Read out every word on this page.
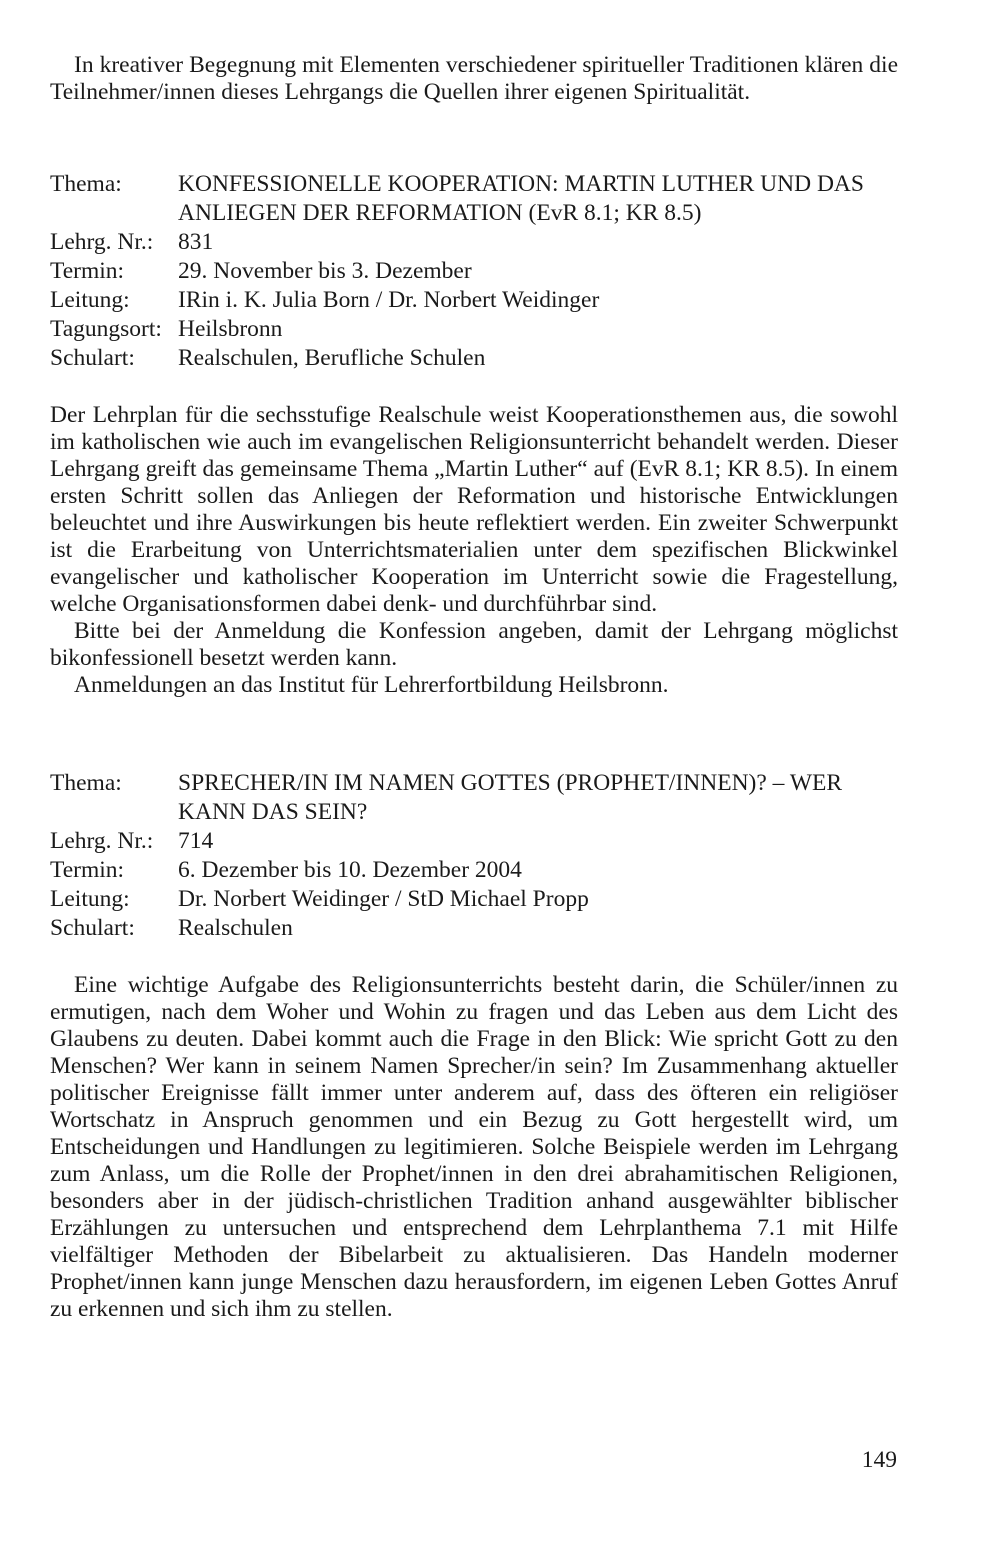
In kreativer Begegnung mit Elementen verschiedener spiritueller Traditionen klären die Teilnehmer/innen dieses Lehrgangs die Quellen ihrer eigenen Spiritualität.

Thema:	KONFESSIONELLE KOOPERATION: MARTIN LUTHER UND DAS ANLIEGEN DER REFORMATION (EvR 8.1; KR 8.5)
Lehrg. Nr.:	831
Termin:	29. November bis 3. Dezember
Leitung:	IRin i. K. Julia Born / Dr. Norbert Weidinger
Tagungsort: Heilsbronn
Schulart:	Realschulen, Berufliche Schulen

Der Lehrplan für die sechsstufige Realschule weist Kooperationsthemen aus, die sowohl im katholischen wie auch im evangelischen Religionsunterricht behandelt werden. Dieser Lehrgang greift das gemeinsame Thema „Martin Luther“ auf (EvR 8.1; KR 8.5). In einem ersten Schritt sollen das Anliegen der Reformation und historische Entwicklungen beleuchtet und ihre Auswirkungen bis heute reflektiert werden. Ein zweiter Schwerpunkt ist die Erarbeitung von Unterrichtsmaterialien unter dem spezifischen Blickwinkel evangelischer und katholischer Kooperation im Unterricht sowie die Fragestellung, welche Organisationsformen dabei denk- und durchführbar sind.

Bitte bei der Anmeldung die Konfession angeben, damit der Lehrgang möglichst bikonfessionell besetzt werden kann.

Anmeldungen an das Institut für Lehrerfortbildung Heilsbronn.

Thema:	SPRECHER/IN IM NAMEN GOTTES (PROPHET/INNEN)? – WER KANN DAS SEIN?
Lehrg. Nr.:	714
Termin:	6. Dezember bis 10. Dezember 2004
Leitung:	Dr. Norbert Weidinger / StD Michael Propp
Schulart:	Realschulen

Eine wichtige Aufgabe des Religionsunterrichts besteht darin, die Schüler/innen zu ermutigen, nach dem Woher und Wohin zu fragen und das Leben aus dem Licht des Glaubens zu deuten. Dabei kommt auch die Frage in den Blick: Wie spricht Gott zu den Menschen? Wer kann in seinem Namen Sprecher/in sein? Im Zusammenhang aktueller politischer Ereignisse fällt immer unter anderem auf, dass des öfteren ein religiöser Wortschatz in Anspruch genommen und ein Bezug zu Gott hergestellt wird, um Entscheidungen und Handlungen zu legitimieren. Solche Beispiele werden im Lehrgang zum Anlass, um die Rolle der Prophet/innen in den drei abrahamitischen Religionen, besonders aber in der jüdisch-christlichen Tradition anhand ausgewählter biblischer Erzählungen zu untersuchen und entsprechend dem Lehrplanthema 7.1 mit Hilfe vielfältiger Methoden der Bibelarbeit zu aktualisieren. Das Handeln moderner Prophet/innen kann junge Menschen dazu herausfordern, im eigenen Leben Gottes Anruf zu erkennen und sich ihm zu stellen.

149
